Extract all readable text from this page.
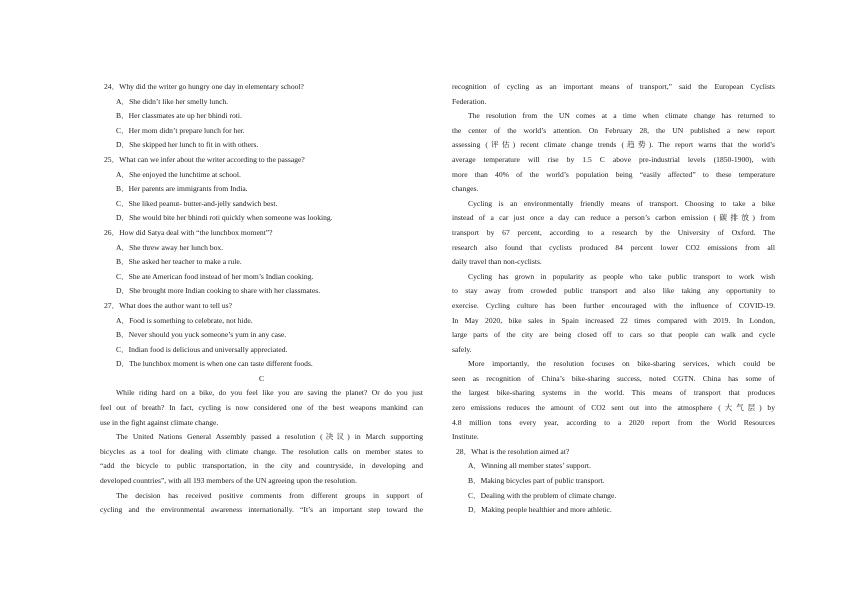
24．Why did the writer go hungry one day in elementary school?
A．She didn’t like her smelly lunch.
B．Her classmates ate up her bhindi roti.
C．Her mom didn’t prepare lunch for her.
D．She skipped her lunch to fit in with others.
25．What can we infer about the writer according to the passage?
A．She enjoyed the lunchtime at school.
B．Her parents are immigrants from India.
C．She liked peanut- butter-and-jelly sandwich best.
D．She would bite her bhindi roti quickly when someone was looking.
26．How did Satya deal with “the lunchbox moment”?
A．She threw away her lunch box.
B．She asked her teacher to make a rule.
C．She ate American food instead of her mom’s Indian cooking.
D．She brought more Indian cooking to share with her classmates.
27．What does the author want to tell us?
A．Food is something to celebrate, not hide.
B．Never should you yuck someone’s yum in any case.
C．Indian food is delicious and universally appreciated.
D．The lunchbox moment is when one can taste different foods.
C
While riding hard on a bike, do you feel like you are saving the planet? Or do you just
feel out of breath? In fact, cycling is now considered one of the best weapons mankind can
use in the fight against climate change.
The United Nations General Assembly passed a resolution (决议) in March supporting
bicycles as a tool for dealing with climate change. The resolution calls on member states to
“add the bicycle to public transportation, in the city and countryside, in developing and
developed countries”, with all 193 members of the UN agreeing upon the resolution.
The decision has received positive comments from different groups in support of
cycling and the environmental awareness internationally. “It’s an important step toward the
recognition of cycling as an important means of transport,” said the European Cyclists
Federation.
The resolution from the UN comes at a time when climate change has returned to
the center of the world’s attention. On February 28, the UN published a new report
assessing (评估) recent climate change trends (趋势). The report warns that the world’s
average temperature will rise by 1.5 C above pre-industrial levels (1850-1900), with
more than 40% of the world’s population being “easily affected” to these temperature
changes.
Cycling is an environmentally friendly means of transport. Choosing to take a bike
instead of a car just once a day can reduce a person’s carbon emission (碳排放) from
transport by 67 percent, according to a research by the University of Oxford. The
research also found that cyclists produced 84 percent lower CO2 emissions from all
daily travel than non-cyclists.
Cycling has grown in popularity as people who take public transport to work wish
to stay away from crowded public transport and also like taking any opportunity to
exercise. Cycling culture has been further encouraged with the influence of COVID-19.
In May 2020, bike sales in Spain increased 22 times compared with 2019. In London,
large parts of the city are being closed off to cars so that people can walk and cycle
safely.
More importantly, the resolution focuses on bike-sharing services, which could be
seen as recognition of China’s bike-sharing success, noted CGTN. China has some of
the largest bike-sharing systems in the world. This means of transport that produces
zero emissions reduces the amount of CO2 sent out into the atmosphere (大气层) by
4.8 million tons every year, according to a 2020 report from the World Resources
Institute.
28．What is the resolution aimed at?
A．Winning all member states’ support.
B．Making bicycles part of public transport.
C．Dealing with the problem of climate change.
D．Making people healthier and more athletic.
